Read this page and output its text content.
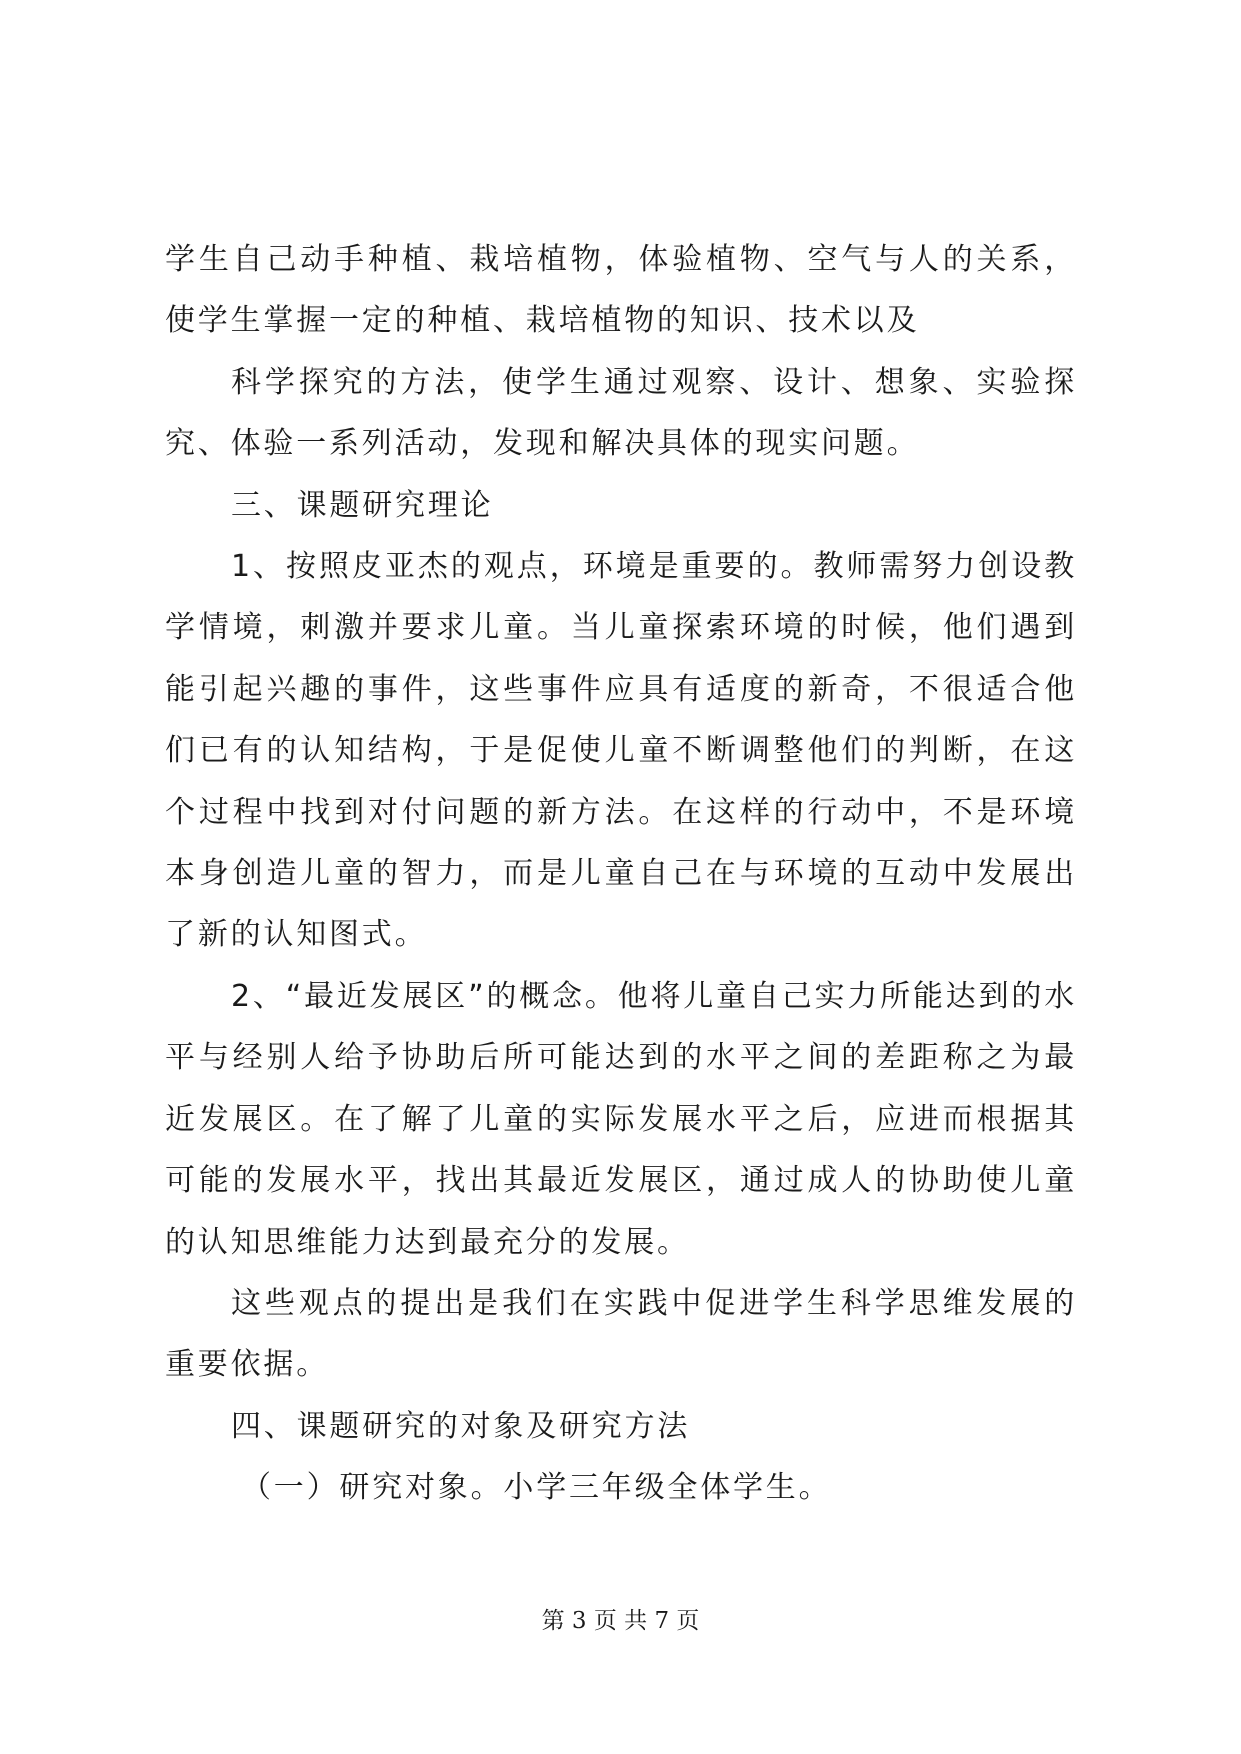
学生自己动手种植、栽培植物，体验植物、空气与人的关系，使学生掌握一定的种植、栽培植物的知识、技术以及

科学探究的方法，使学生通过观察、设计、想象、实验探究、体验一系列活动，发现和解决具体的现实问题。

三、课题研究理论

1、按照皮亚杰的观点，环境是重要的。教师需努力创设教学情境，刺激并要求儿童。当儿童探索环境的时候，他们遇到能引起兴趣的事件，这些事件应具有适度的新奇，不很适合他们已有的认知结构，于是促使儿童不断调整他们的判断，在这个过程中找到对付问题的新方法。在这样的行动中，不是环境本身创造儿童的智力，而是儿童自己在与环境的互动中发展出了新的认知图式。

2、“最近发展区”的概念。他将儿童自己实力所能达到的水平与经别人给予协助后所可能达到的水平之间的差距称之为最近发展区。在了解了儿童的实际发展水平之后，应进而根据其可能的发展水平，找出其最近发展区，通过成人的协助使儿童的认知思维能力达到最充分的发展。

这些观点的提出是我们在实践中促进学生科学思维发展的重要依据。

四、课题研究的对象及研究方法

（一）研究对象。小学三年级全体学生。

第 3 页 共 7 页
